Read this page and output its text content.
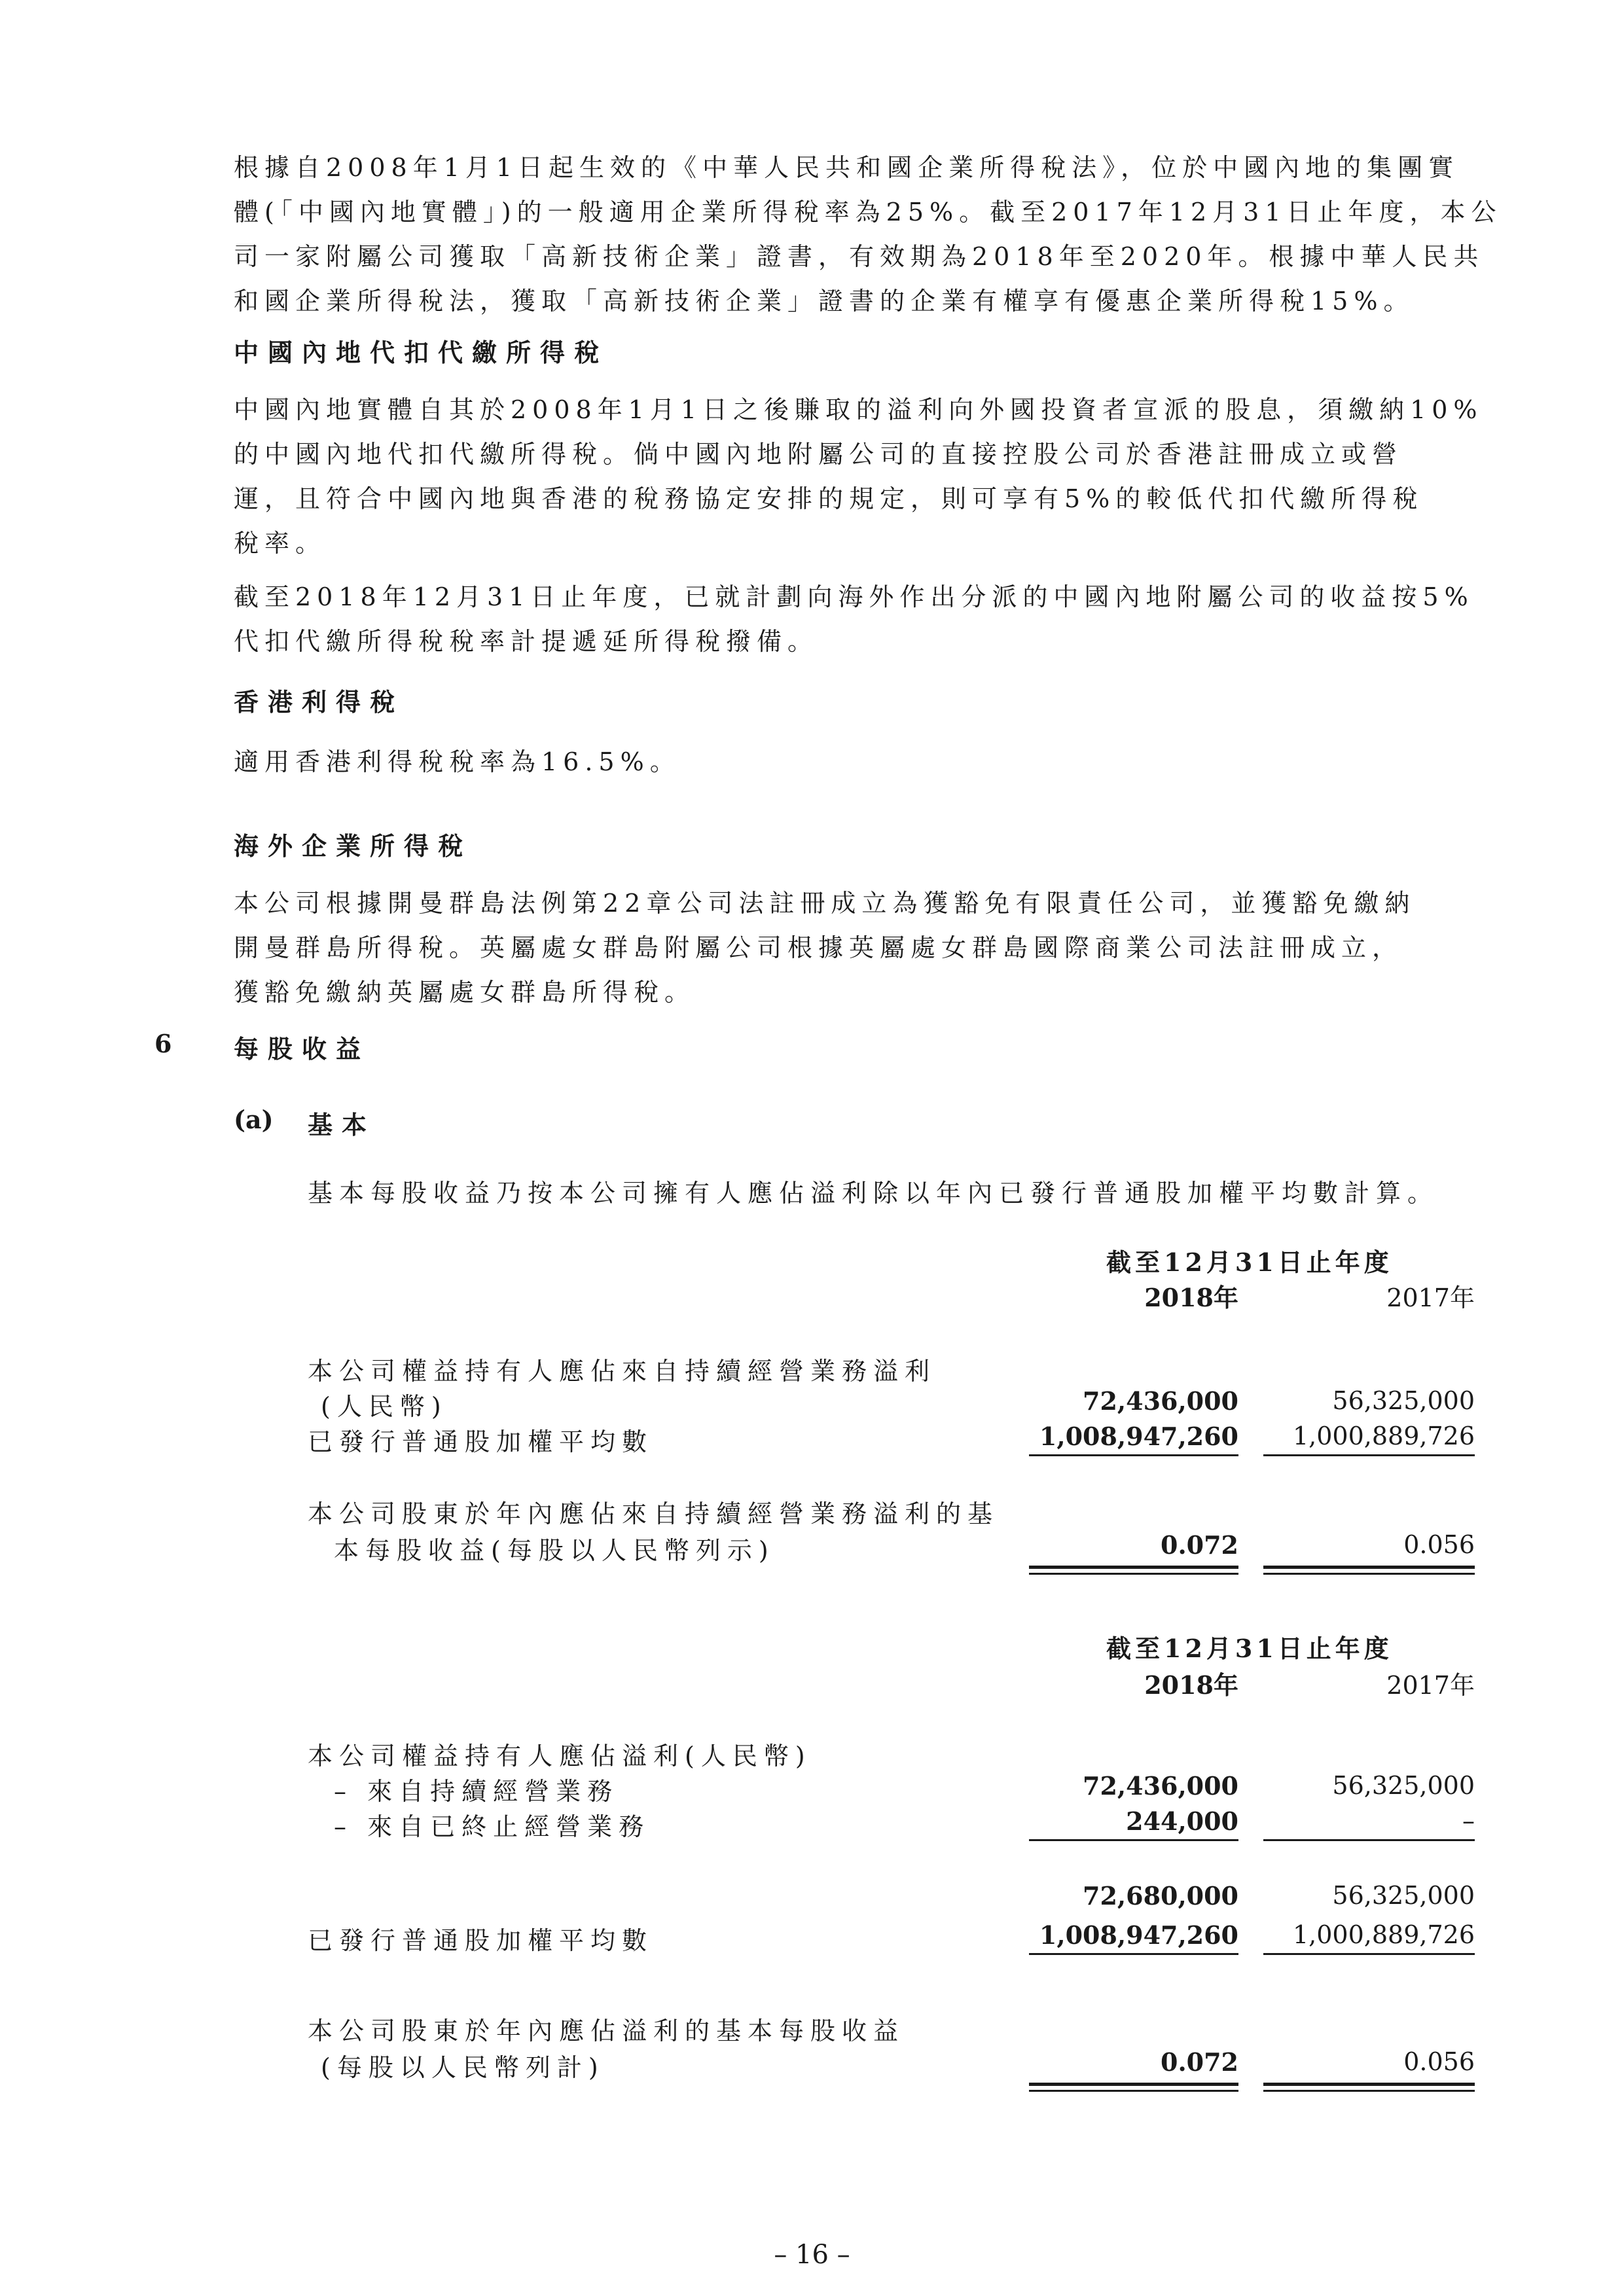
根據自2008年1月1日起生效的《中華人民共和國企業所得稅法》，位於中國內地的集團實
體(「中國內地實體」)的一般適用企業所得稅率為25%。截至2017年12月31日止年度，本公
司一家附屬公司獲取「高新技術企業」證書，有效期為2018年至2020年。根據中華人民共
和國企業所得稅法，獲取「高新技術企業」證書的企業有權享有優惠企業所得稅15%。
中國內地代扣代繳所得稅
中國內地實體自其於2008年1月1日之後賺取的溢利向外國投資者宣派的股息，須繳納10%
的中國內地代扣代繳所得稅。倘中國內地附屬公司的直接控股公司於香港註冊成立或營
運，且符合中國內地與香港的稅務協定安排的規定，則可享有5%的較低代扣代繳所得稅
稅率。
截至2018年12月31日止年度，已就計劃向海外作出分派的中國內地附屬公司的收益按5%
代扣代繳所得稅稅率計提遞延所得稅撥備。
香港利得稅
適用香港利得稅稅率為16.5%。
海外企業所得稅
本公司根據開曼群島法例第22章公司法註冊成立為獲豁免有限責任公司，並獲豁免繳納
開曼群島所得稅。英屬處女群島附屬公司根據英屬處女群島國際商業公司法註冊成立，
獲豁免繳納英屬處女群島所得稅。
6 每股收益
(a) 基本
基本每股收益乃按本公司擁有人應佔溢利除以年內已發行普通股加權平均數計算。
截至12月31日止年度
2018年	2017年
本公司權益持有人應佔來自持續經營業務溢利
(人民幣)	72,436,000	56,325,000
已發行普通股加權平均數	1,008,947,260	1,000,889,726
本公司股東於年內應佔來自持續經營業務溢利的基
本每股收益(每股以人民幣列示)	0.072	0.056
截至12月31日止年度
2018年	2017年
本公司權益持有人應佔溢利(人民幣)
– 來自持續經營業務	72,436,000	56,325,000
– 來自已終止經營業務	244,000	–
72,680,000	56,325,000
已發行普通股加權平均數	1,008,947,260	1,000,889,726
本公司股東於年內應佔溢利的基本每股收益
(每股以人民幣列計)	0.072	0.056
– 16 –
